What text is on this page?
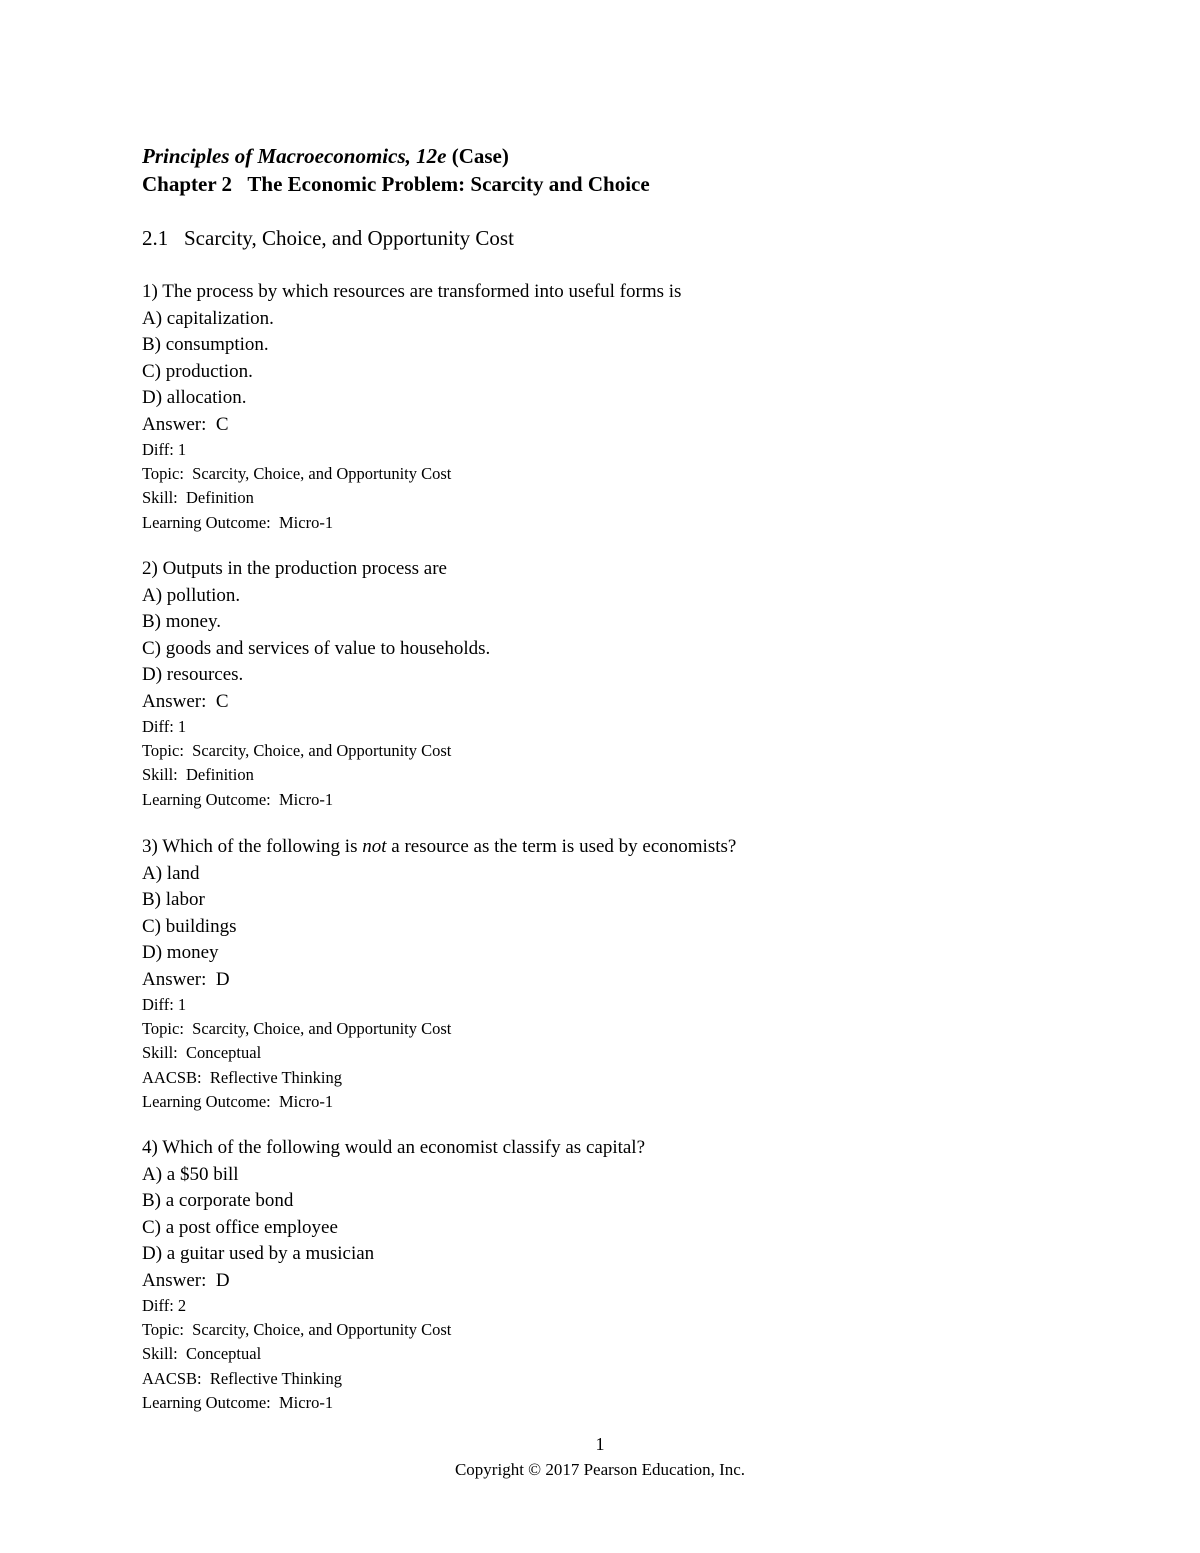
Principles of Macroeconomics, 12e (Case)
Chapter 2   The Economic Problem: Scarcity and Choice
2.1   Scarcity, Choice, and Opportunity Cost
1) The process by which resources are transformed into useful forms is
A) capitalization.
B) consumption.
C) production.
D) allocation.
Answer:  C
Diff: 1
Topic:  Scarcity, Choice, and Opportunity Cost
Skill:  Definition
Learning Outcome:  Micro-1
2) Outputs in the production process are
A) pollution.
B) money.
C) goods and services of value to households.
D) resources.
Answer:  C
Diff: 1
Topic:  Scarcity, Choice, and Opportunity Cost
Skill:  Definition
Learning Outcome:  Micro-1
3) Which of the following is not a resource as the term is used by economists?
A) land
B) labor
C) buildings
D) money
Answer:  D
Diff: 1
Topic:  Scarcity, Choice, and Opportunity Cost
Skill:  Conceptual
AACSB:  Reflective Thinking
Learning Outcome:  Micro-1
4) Which of the following would an economist classify as capital?
A) a $50 bill
B) a corporate bond
C) a post office employee
D) a guitar used by a musician
Answer:  D
Diff: 2
Topic:  Scarcity, Choice, and Opportunity Cost
Skill:  Conceptual
AACSB:  Reflective Thinking
Learning Outcome:  Micro-1
1
Copyright © 2017 Pearson Education, Inc.
